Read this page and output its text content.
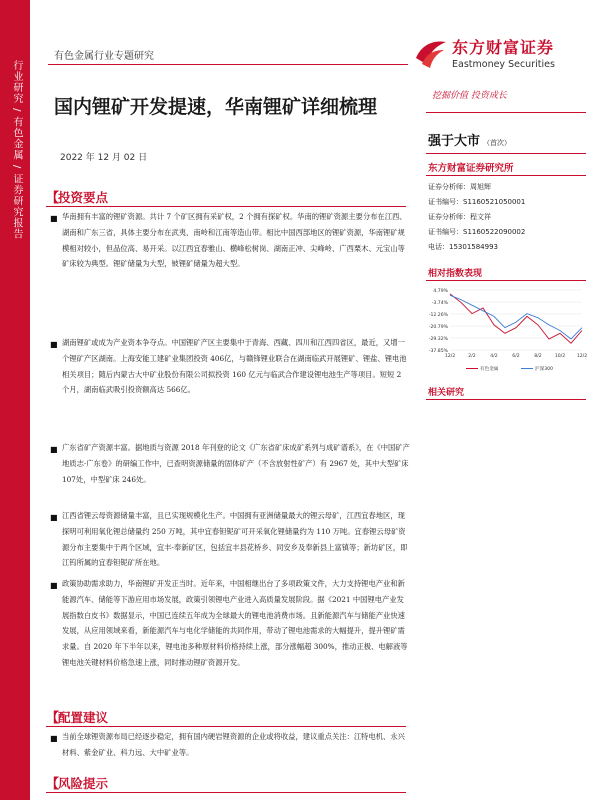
行业研究 / 有色金属 / 证券研究报告
有色金属行业专题研究
国内锂矿开发提速，华南锂矿详细梳理
2022 年 12 月 02 日
东方财富证券
Eastmoney Securities
挖掘价值 投资成长
强于大市 （首次）
东方财富证券研究所
证券分析师：周旭辉
证书编号：S1160521050001
证券分析师：程文祥
证书编号：S1160522090002
电话：15301584993
相对指数表现
4.79%
-3.74%
-12.26%
-20.79%
-29.32%
-37.85%
12/2	2/2	4/2	6/2	8/2	10/2	12/2
有色金属	沪深300
相关研究
【
投资要点
■ 华南拥有丰富的锂矿资源。共计 7 个矿区拥有采矿权，2 个拥有探矿权。华南的锂矿资源主要分布在江西、湖南和广东三省，具体主要分布在武夷、南岭和江南等造山带。相比中国西部地区的锂矿资源，华南锂矿规模相对较小，但品位高、易开采。以江西宜春雅山、横峰松树岗、湖南正冲、尖峰岭、广西栗木、元宝山等矿床较为典型。锂矿储量为大型，铍锂矿储量为超大型。
■ 湖南锂矿或成为产业资本争夺点。中国锂矿产区主要集中于青海、西藏、四川和江西四省区，最近，又增一个锂矿产区湖南。上海安能工建矿业集团投资 406亿，与赣锋锂业联合在湖南临武开展锂矿、锂盐、锂电池相关项目；随后内蒙古大中矿业股份有限公司拟投资 160 亿元与临武合作建设锂电池生产等项目。短短 2 个月，湖南临武吸引投资额高达 566亿。
■ 广东省矿产资源丰富。据地质与资源 2018 年刊登的论文《广东省矿床成矿系列与成矿谱系》，在《中国矿产地质志·广东卷》的研编工作中，已查明资源储量的固体矿产（不含放射性矿产）有 2967 处，其中大型矿床 107处，中型矿床 246处。
■ 江西省锂云母资源储量丰富，且已实现规模化生产。中国拥有亚洲储量最大的锂云母矿，江西宜春地区，现探明可利用氧化锂总储量约 250 万吨，其中宜春钽铌矿可开采氧化锂储量约为 110 万吨。宜春锂云母矿资源分布主要集中于两个区域，宜丰-奉新矿区，包括宜丰县花桥乡、同安乡及奉新县上富镇等；新坊矿区，即江钨所属的宜春钽铌矿所在地。
■ 政策协助需求助力，华南锂矿开发正当时。近年来，中国相继出台了多项政策文件，大力支持锂电产业和新能源汽车、储能等下游应用市场发展，政策引领锂电产业进入高质量发展阶段。据《2021 中国锂电产业发展指数白皮书》数据显示，中国已连续五年成为全球最大的锂电池消费市场。且新能源汽车与储能产业快速发展，从应用领域来看，新能源汽车与电化学储能的共同作用，带动了锂电池需求的大幅提升，提升锂矿需求量。自 2020 年下半年以来，锂电池多种原材料价格持续上涨，部分涨幅超 300%，推动正极、电解液等锂电池关键材料价格急速上涨，同时推动锂矿资源开发。
【
配置建议
■ 当前全球锂资源布局已经逐步稳定，拥有国内硬岩锂资源的企业或将收益，建议重点关注：江特电机、永兴材料、紫金矿业、科力远、大中矿业等。
【
风险提示
